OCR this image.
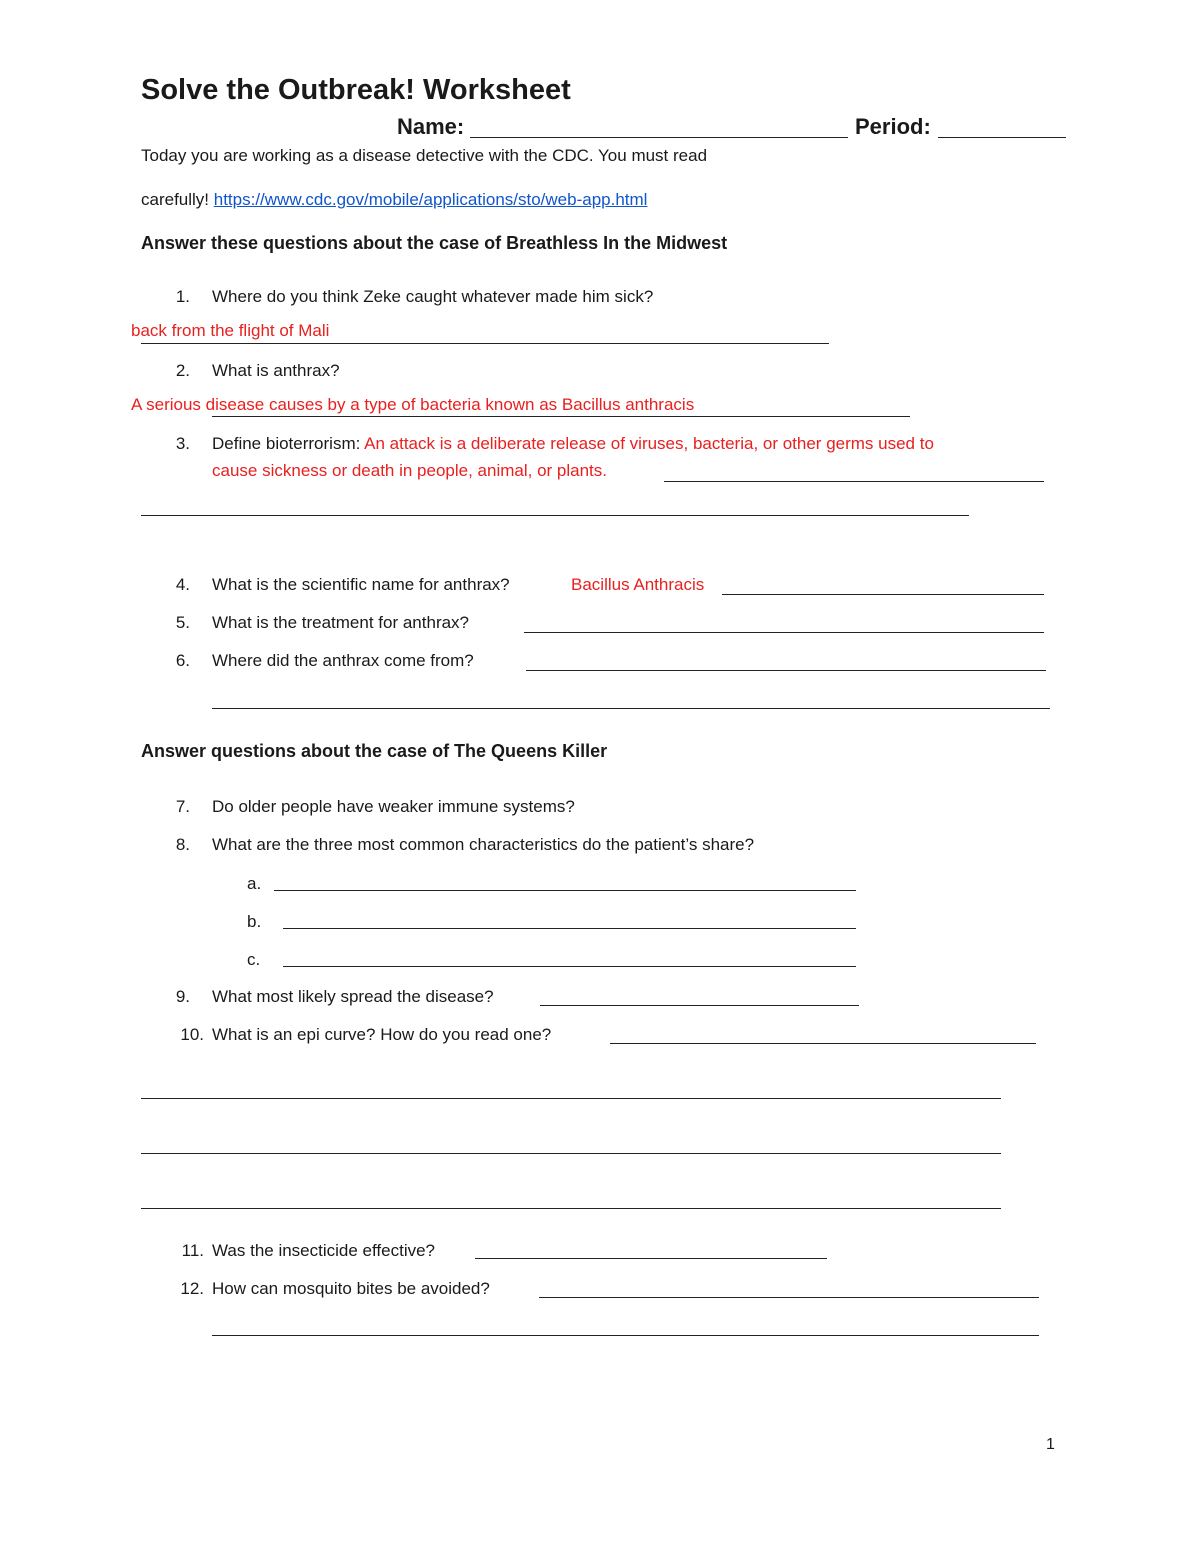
Solve the Outbreak! Worksheet
Name:	Period:
Today you are working as a disease detective with the CDC. You must read
carefully! https://www.cdc.gov/mobile/applications/sto/web-app.html
Answer these questions about the case of Breathless In the Midwest
1. Where do you think Zeke caught whatever made him sick?
back from the flight of Mali
2. What is anthrax?
A serious disease causes by a type of bacteria known as Bacillus anthracis
3. Define bioterrorism: An attack is a deliberate release of viruses, bacteria, or other germs used to
cause sickness or death in people, animal, or plants.
4. What is the scientific name for anthrax?	Bacillus Anthracis
5. What is the treatment for anthrax?
6. Where did the anthrax come from?
Answer questions about the case of The Queens Killer
7. Do older people have weaker immune systems?
8. What are the three most common characteristics do the patient’s share?
a.
b.
c.
9. What most likely spread the disease?
10. What is an epi curve? How do you read one?
11. Was the insecticide effective?
12. How can mosquito bites be avoided?
1
